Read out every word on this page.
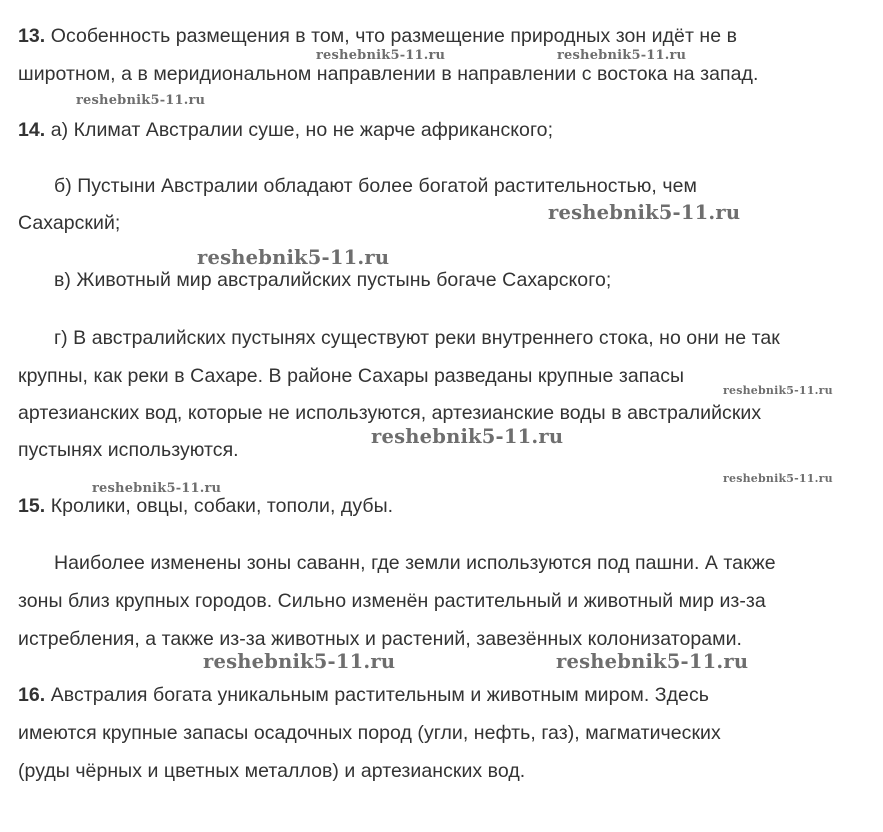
13. Особенность размещения в том, что размещение природных зон идёт не в
широтном, а в меридиональном направлении в направлении с востока на запад.
14. а) Климат Австралии суше, но не жарче африканского;
б) Пустыни Австралии обладают более богатой растительностью, чем
Сахарский;
в) Животный мир австралийских пустынь богаче Сахарского;
г) В австралийских пустынях существуют реки внутреннего стока, но они не так
крупны, как реки в Сахаре. В районе Сахары разведаны крупные запасы
артезианских вод, которые не используются, артезианские воды в австралийских
пустынях используются.
15. Кролики, овцы, собаки, тополи, дубы.
Наиболее изменены зоны саванн, где земли используются под пашни. А также
зоны близ крупных городов. Сильно изменён растительный и животный мир из-за
истребления, а также из-за животных и растений, завезённых колонизаторами.
16. Австралия богата уникальным растительным и животным миром. Здесь
имеются крупные запасы осадочных пород (угли, нефть, газ), магматических
(руды чёрных и цветных металлов) и артезианских вод.
reshebnik5-11.ru	reshebnik5-11.ru
reshebnik5-11.ru
reshebnik5-11.ru
reshebnik5-11.ru
reshebnik5-11.ru
reshebnik5-11.ru
reshebnik5-11.ru
reshebnik5-11.ru
reshebnik5-11.ru	reshebnik5-11.ru
